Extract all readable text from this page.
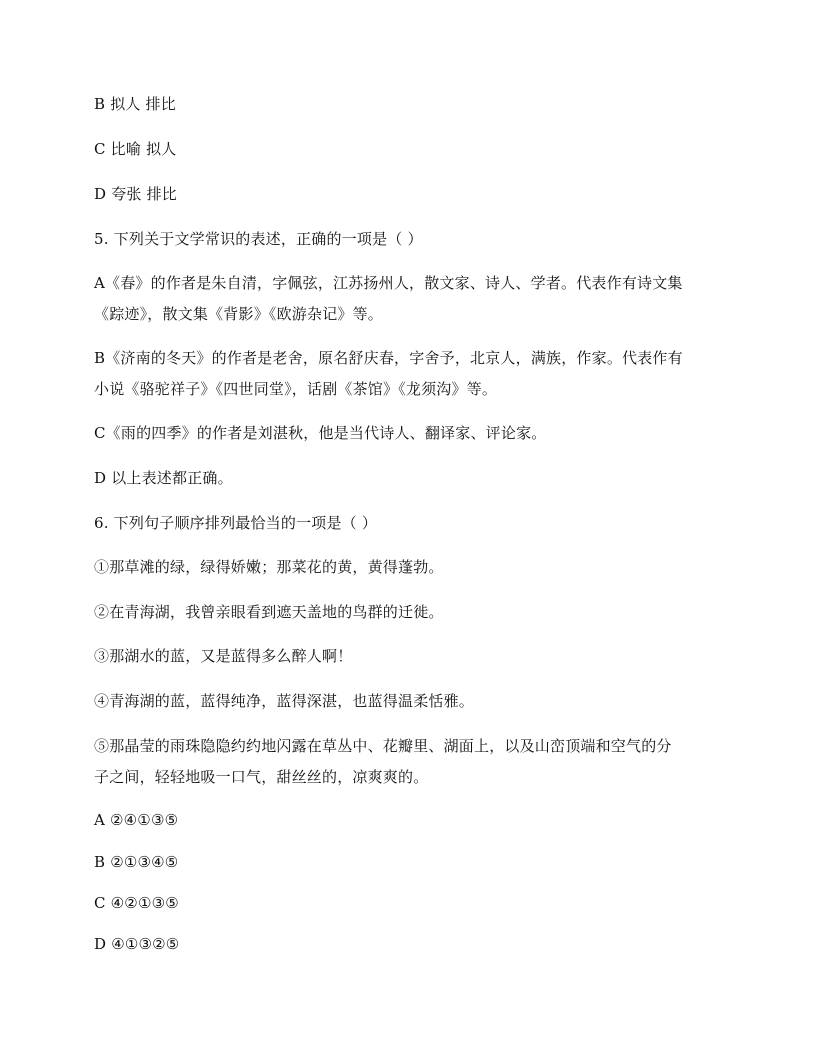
B 拟人 排比
C 比喻 拟人
D 夸张 排比
5. 下列关于文学常识的表述，正确的一项是（ ）
A《春》的作者是朱自清，字佩弦，江苏扬州人，散文家、诗人、学者。代表作有诗文集
《踪迹》，散文集《背影》《欧游杂记》等。
B《济南的冬天》的作者是老舍，原名舒庆春，字舍予，北京人，满族，作家。代表作有
小说《骆驼祥子》《四世同堂》，话剧《茶馆》《龙须沟》等。
C《雨的四季》的作者是刘湛秋，他是当代诗人、翻译家、评论家。
D 以上表述都正确。
6. 下列句子顺序排列最恰当的一项是（ ）
①那草滩的绿，绿得娇嫩；那菜花的黄，黄得蓬勃。
②在青海湖，我曾亲眼看到遮天盖地的鸟群的迁徙。
③那湖水的蓝，又是蓝得多么醉人啊！
④青海湖的蓝，蓝得纯净，蓝得深湛，也蓝得温柔恬雅。
⑤那晶莹的雨珠隐隐约约地闪露在草丛中、花瓣里、湖面上，以及山峦顶端和空气的分
子之间，轻轻地吸一口气，甜丝丝的，凉爽爽的。
A ②④①③⑤
B ②①③④⑤
C ④②①③⑤
D ④①③②⑤
